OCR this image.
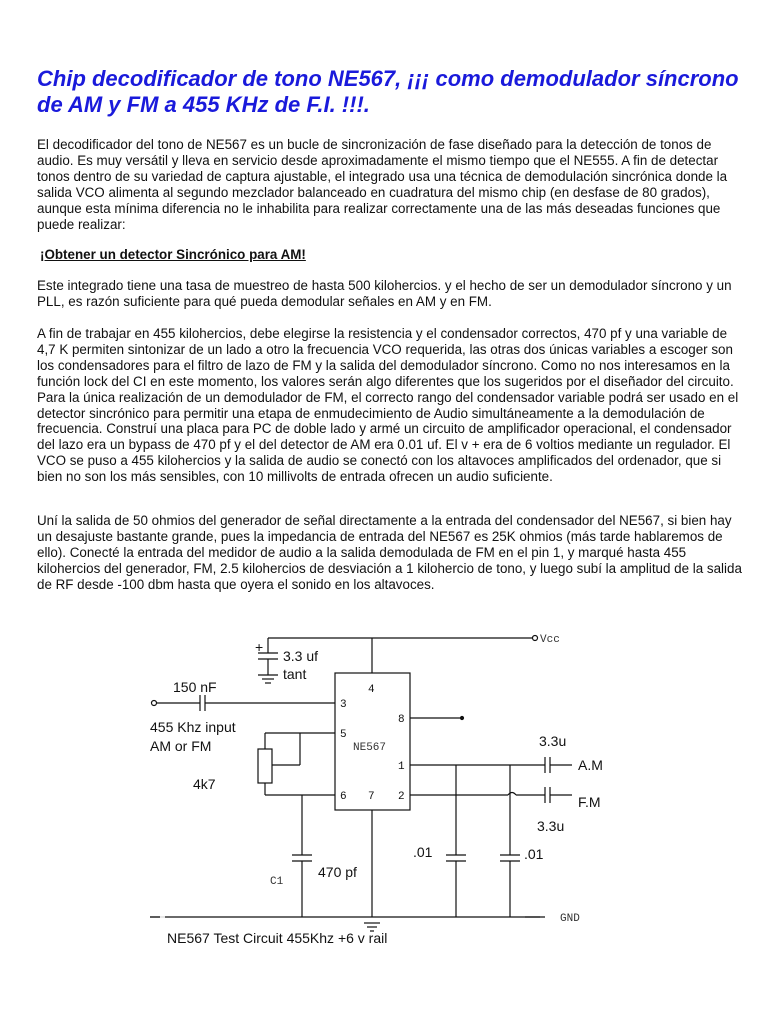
Chip decodificador de tono NE567, ¡¡¡ como demodulador síncrono de AM y FM a 455 KHz de F.I. !!!.
El decodificador del tono de NE567 es un bucle de sincronización de fase diseñado para la detección de tonos de audio. Es muy versátil y lleva en servicio desde aproximadamente el mismo tiempo que el NE555. A fin de detectar tonos dentro de su variedad de captura ajustable, el integrado usa una técnica de demodulación sincrónica donde la salida VCO alimenta al segundo mezclador balanceado en cuadratura del mismo chip (en desfase de 80 grados), aunque esta mínima diferencia no le inhabilita para realizar correctamente una de las más deseadas funciones que puede realizar:
¡Obtener un detector Sincrónico para AM!
Este integrado tiene una tasa de muestreo de hasta 500 kilohercios. y el hecho de ser un demodulador síncrono y un PLL, es razón suficiente para qué pueda demodular señales en AM y en FM.
A fin de trabajar en 455 kilohercios, debe elegirse la resistencia y el condensador correctos, 470 pf y una variable de 4,7 K permiten sintonizar de un lado a otro la frecuencia VCO requerida, las otras dos únicas variables a escoger son los condensadores para el filtro de lazo de FM y la salida del demodulador síncrono. Como no nos interesamos en la función lock del CI en este momento, los valores serán algo diferentes que los sugeridos por el diseñador del circuito. Para la única realización de un demodulador de FM, el correcto rango del condensador variable podrá ser usado en el detector sincrónico para permitir una etapa de enmudecimiento de Audio simultáneamente a la demodulación de frecuencia. Construí una placa para PC de doble lado y armé un circuito de amplificador operacional, el condensador del lazo era un bypass de 470 pf y el del detector de AM era 0.01 uf. El v + era de 6 voltios mediante un regulador. El VCO se puso a 455 kilohercios y la salida de audio se conectó con los altavoces amplificados del ordenador, que si bien no son los más sensibles, con 10 millivolts de entrada ofrecen un audio suficiente.
Uní la salida de 50 ohmios del generador de señal directamente a la entrada del condensador del NE567, si bien hay un desajuste bastante grande, pues la impedancia de entrada del NE567 es 25K ohmios (más tarde hablaremos de ello). Conecté la entrada del medidor de audio a la salida demodulada de FM en el pin 1, y marqué hasta 455 kilohercios del generador, FM, 2.5 kilohercios de desviación a 1 kilohercio de tono, y luego subí la amplitud de la salida de RF desde -100 dbm hasta que oyera el sonido en los altavoces.
Vcc
+
3.3 uf
tant
150 nF
455 Khz input
AM or FM
4k7
NE567
3
4
5
6 7
8
1
2
3.3u
A.M
F.M
3.3u
.01	.01
C1
470 pf
GND
NE567 Test Circuit 455Khz +6 v rail
